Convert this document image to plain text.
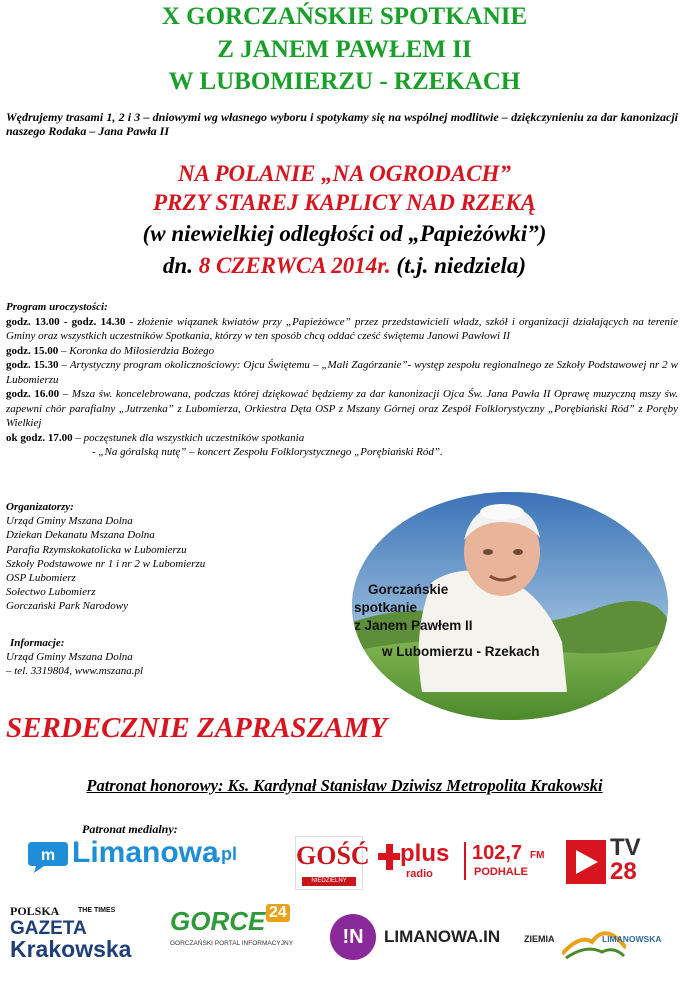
X GORCZAŃSKIE SPOTKANIE
Z JANEM PAWŁEM II
W LUBOMIERZU - RZEKACH
Wędrujemy trasami 1, 2 i 3 – dniowymi wg własnego wyboru i spotykamy się na wspólnej modlitwie – dziękczynieniu za dar kanonizacji naszego Rodaka – Jana Pawła II
NA POLANIE „NA OGRODACH”
PRZY STAREJ KAPLICY NAD RZEKĄ
(w niewielkiej odległości od „Papieżówki”)
dn. 8 CZERWCA 2014r. (t.j. niedziela)
Program uroczystości:
godz. 13.00 - godz. 14.30 - złożenie wiązanek kwiatów przy „Papieżówce” przez przedstawicieli władz, szkół i organizacji działających na terenie Gminy oraz wszystkich uczestników Spotkania, którzy w ten sposób chcą oddać cześć świętemu Janowi Pawłowi II
godz. 15.00 – Koronka do Miłosierdzia Bożego
godz. 15.30 – Artystyczny program okolicznościowy: Ojcu Świętemu – „Mali Zagórzanie”- występ zespołu regionalnego ze Szkoły Podstawowej nr 2 w Lubomierzu
godz. 16.00 – Msza św. koncelebrowana, podczas której dziękować będziemy za dar kanonizacji Ojca Św. Jana Pawła II Oprawę muzyczną mszy św. zapewni chór parafialny „Jutrzenka” z Lubomierza, Orkiestra Dęta OSP z Mszany Górnej oraz Zespół Folklorystyczny „Porębiański Ród” z Poręby Wielkiej
ok godz. 17.00 – poczęstunek dla wszystkich uczestników spotkania
- „Na góralską nutę” – koncert Zespołu Folklorystycznego „Porębiański Ród”.
Organizatorzy:
Urząd Gminy Mszana Dolna
Dziekan Dekanatu Mszana Dolna
Parafia Rzymskokatolicka w Lubomierzu
Szkoły Podstawowe nr 1 i nr 2 w Lubomierzu
OSP Lubomierz
Sołectwo Lubomierz
Gorczański Park Narodowy
Informacje:
Urząd Gminy Mszana Dolna
– tel. 3319804, www.mszana.pl
Gorczańskie
spotkanie
z Janem Pawłem II
w Lubomierzu - Rzekach
SERDECZNIE ZAPRASZAMY
Patronat honorowy: Ks. Kardynał Stanisław Dziwisz Metropolita Krakowski
Patronat medialny:
m Limanowa
.pl GOŚĆ
NIEDZIELNY
plus
radio
102,7 FM
PODHALE
TV
28
POLSKA	THE TIMES
GAZETA
Krakowska
GORCE 24
GORCZAŃSKI PORTAL INFORMACYJNY	!N	LIMANOWA.IN	ZIEMIA	LIMANOWSKA
